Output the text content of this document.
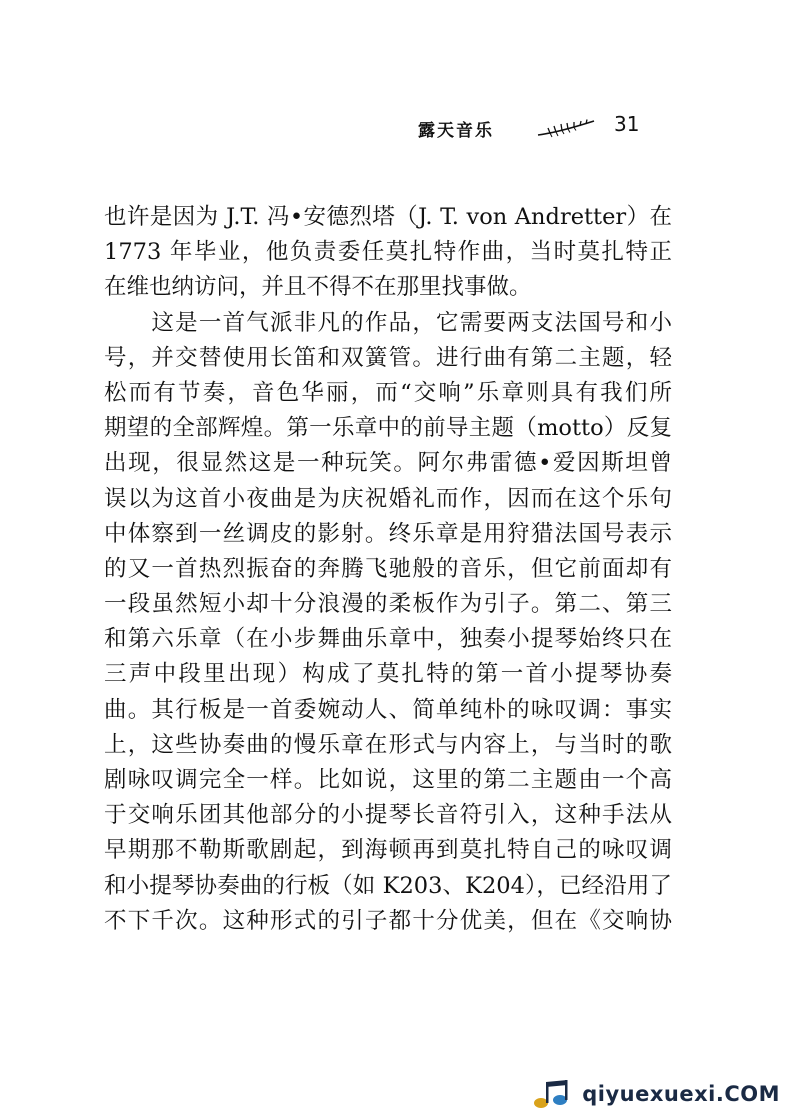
露天音乐	31
也许是因为 J.T. 冯•安德烈塔（J. T. von Andretter）在
1773 年毕业，他负责委任莫扎特作曲，当时莫扎特正
在维也纳访问，并且不得不在那里找事做。
　　这是一首气派非凡的作品，它需要两支法国号和小
号，并交替使用长笛和双簧管。进行曲有第二主题，轻
松而有节奏，音色华丽，而“交响”乐章则具有我们所
期望的全部辉煌。第一乐章中的前导主题（motto）反复
出现，很显然这是一种玩笑。阿尔弗雷德•爱因斯坦曾
误以为这首小夜曲是为庆祝婚礼而作，因而在这个乐句
中体察到一丝调皮的影射。终乐章是用狩猎法国号表示
的又一首热烈振奋的奔腾飞驰般的音乐，但它前面却有
一段虽然短小却十分浪漫的柔板作为引子。第二、第三
和第六乐章（在小步舞曲乐章中，独奏小提琴始终只在
三声中段里出现）构成了莫扎特的第一首小提琴协奏
曲。其行板是一首委婉动人、简单纯朴的咏叹调：事实
上，这些协奏曲的慢乐章在形式与内容上，与当时的歌
剧咏叹调完全一样。比如说，这里的第二主题由一个高
于交响乐团其他部分的小提琴长音符引入，这种手法从
早期那不勒斯歌剧起，到海顿再到莫扎特自己的咏叹调
和小提琴协奏曲的行板（如 K203、K204），已经沿用了
不下千次。这种形式的引子都十分优美，但在《交响协
qiyuexuexi.COM
